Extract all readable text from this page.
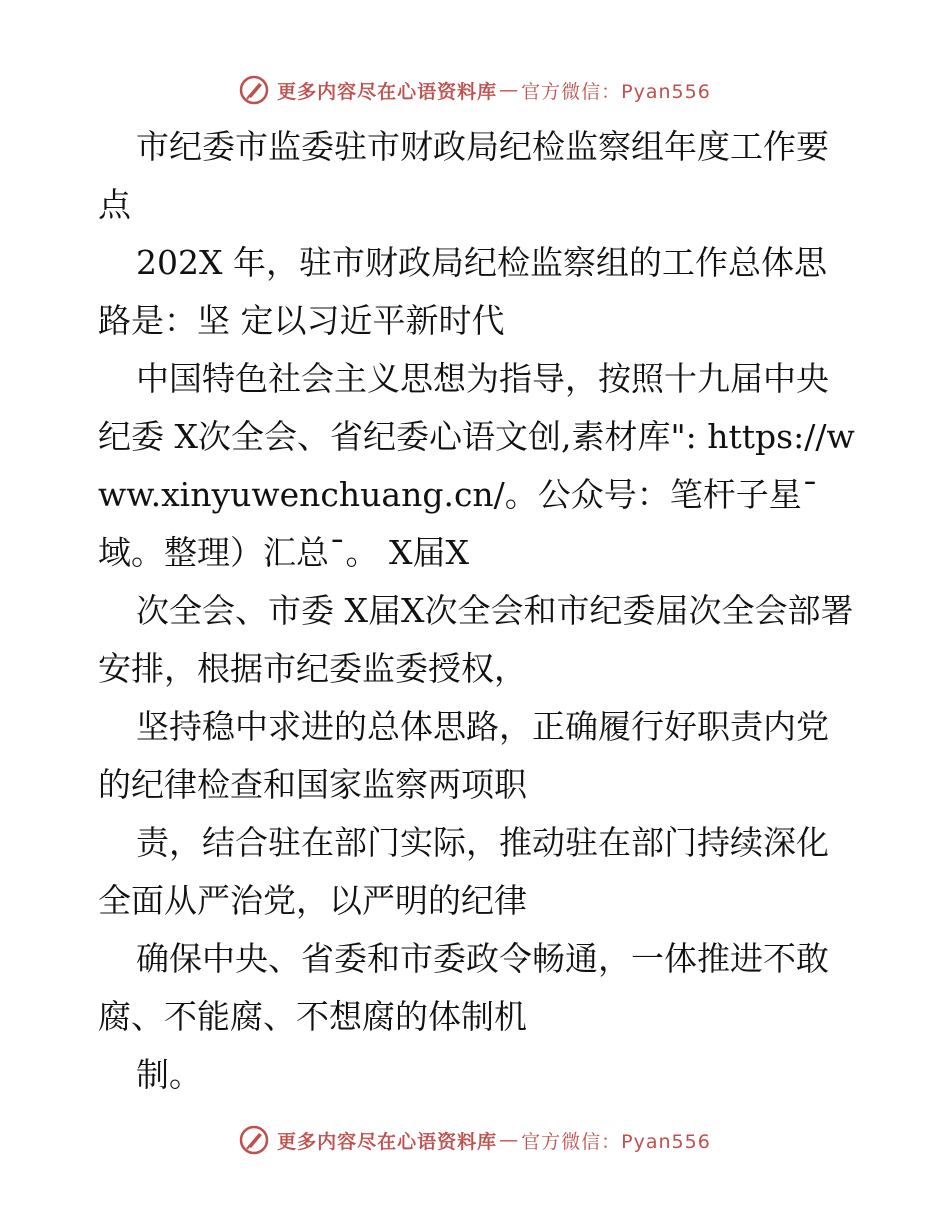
更多内容尽在心语资料库 — 官方微信：Pyan556

市纪委市监委驻市财政局纪检监察组年度工作要点

202X 年，驻市财政局纪检监察组的工作总体思路是：坚 定以习近平新时代

中国特色社会主义思想为指导，按照十九届中央纪委 X次全会、省纪委心语文创,素材库": https://www.xinyuwenchuang.cn/。公众号：笔杆子星¯域。整理）汇总¯。 X届X

次全会、市委 X届X次全会和市纪委届次全会部署安排，根据市纪委监委授权，

坚持稳中求进的总体思路，正确履行好职责内党的纪律检查和国家监察两项职

责，结合驻在部门实际，推动驻在部门持续深化全面从严治党，以严明的纪律

确保中央、省委和市委政令畅通，一体推进不敢腐、不能腐、不想腐的体制机

制。

更多内容尽在心语资料库 — 官方微信：Pyan556
